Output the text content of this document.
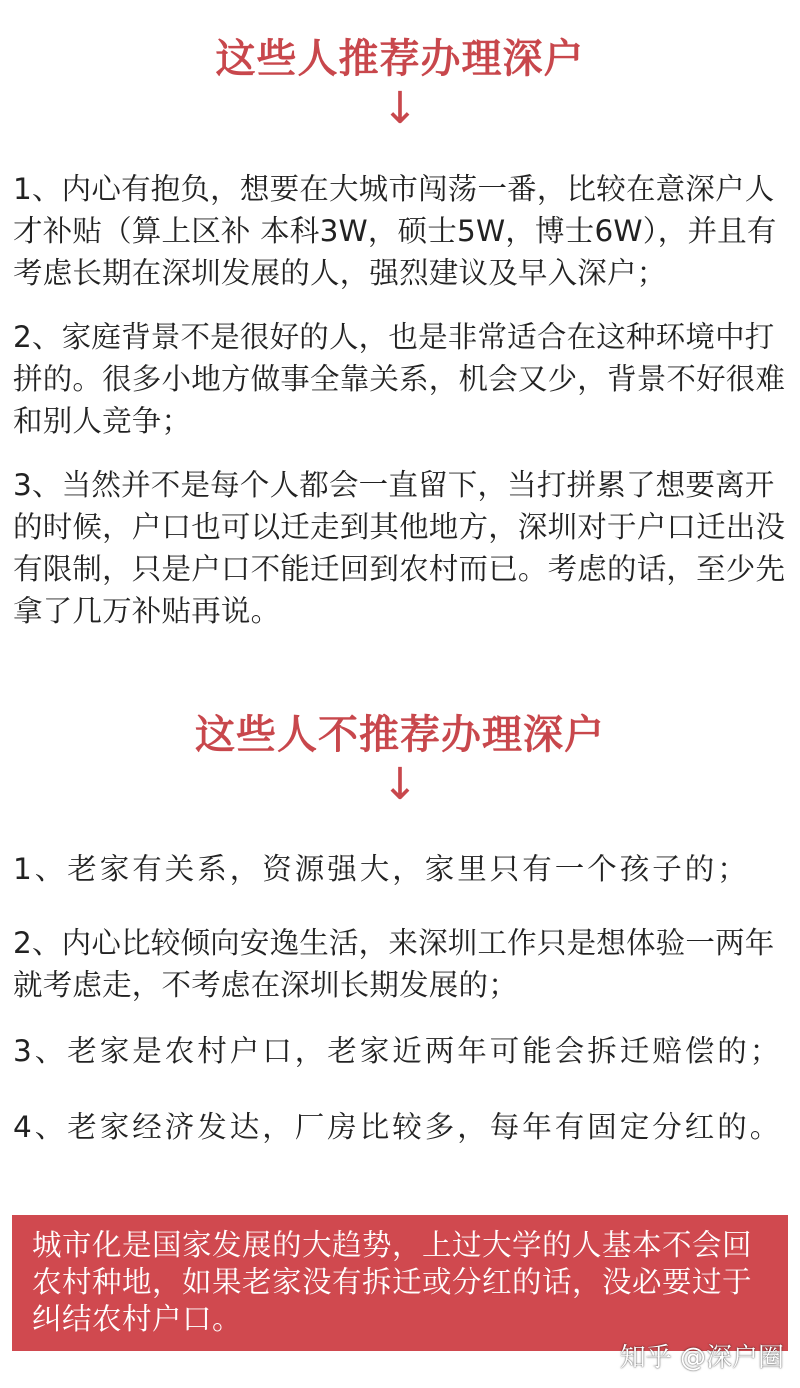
这些人推荐办理深户
↓

1、内心有抱负，想要在大城市闯荡一番，比较在意深户人才补贴（算上区补 本科3W，硕士5W，博士6W），并且有考虑长期在深圳发展的人，强烈建议及早入深户；

2、家庭背景不是很好的人，也是非常适合在这种环境中打拼的。很多小地方做事全靠关系，机会又少，背景不好很难和别人竞争；

3、当然并不是每个人都会一直留下，当打拼累了想要离开的时候，户口也可以迁走到其他地方，深圳对于户口迁出没有限制，只是户口不能迁回到农村而已。考虑的话，至少先拿了几万补贴再说。

这些人不推荐办理深户
↓

1、老家有关系，资源强大，家里只有一个孩子的；

2、内心比较倾向安逸生活，来深圳工作只是想体验一两年就考虑走，不考虑在深圳长期发展的；

3、老家是农村户口，老家近两年可能会拆迁赔偿的；

4、老家经济发达，厂房比较多，每年有固定分红的。

城市化是国家发展的大趋势，上过大学的人基本不会回农村种地，如果老家没有拆迁或分红的话，没必要过于纠结农村户口。

知乎 @深户圈
